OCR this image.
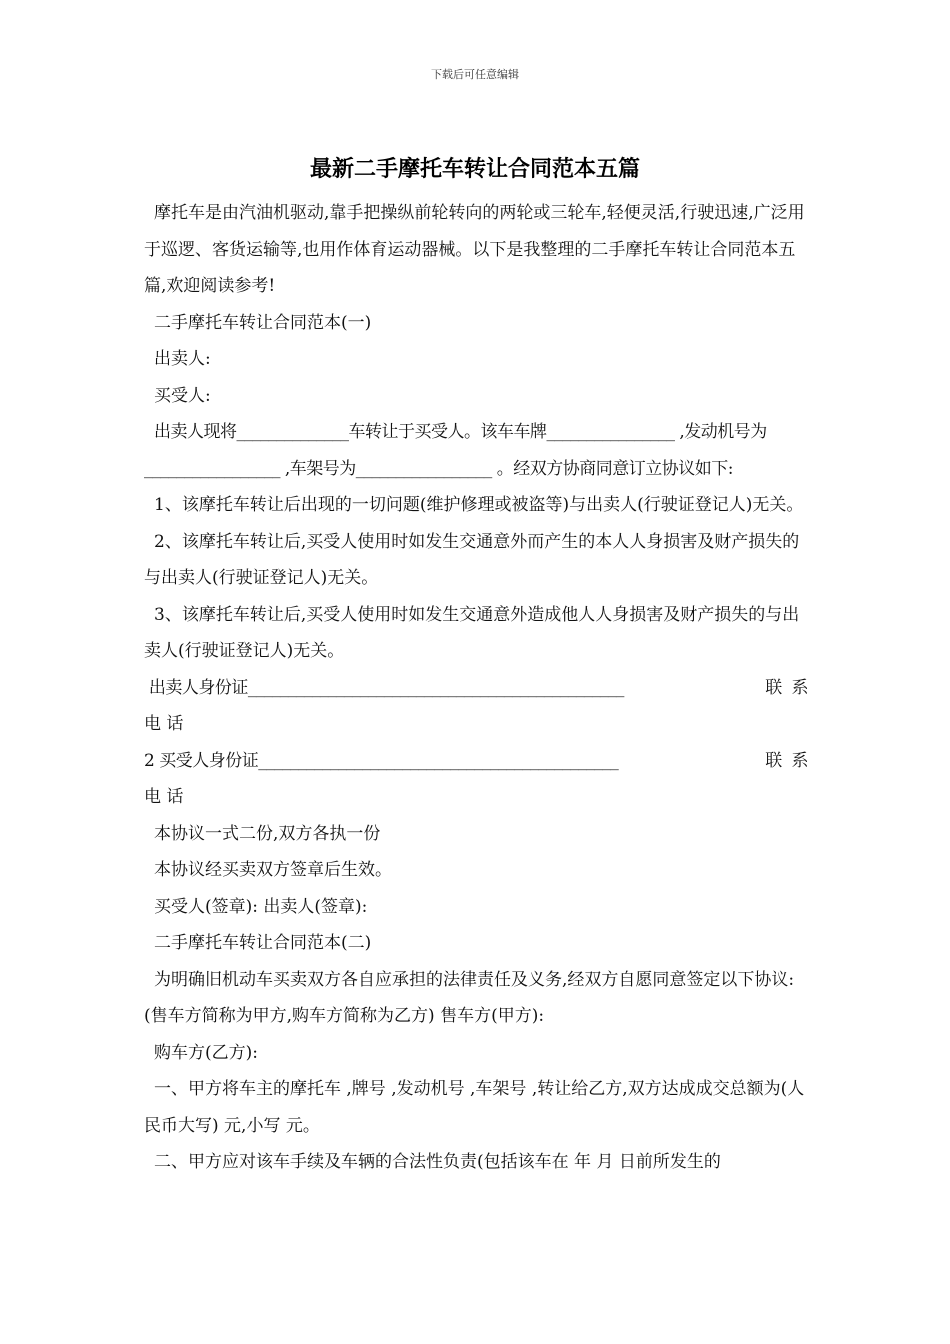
下载后可任意编辑
最新二手摩托车转让合同范本五篇

摩托车是由汽油机驱动,靠手把操纵前轮转向的两轮或三轮车,轻便灵活,行驶迅速,广泛用于巡逻、客货运输等,也用作体育运动器械。以下是我整理的二手摩托车转让合同范本五篇,欢迎阅读参考!

二手摩托车转让合同范本(一)

出卖人:

买受人:

出卖人现将______________车转让于买受人。该车车牌________________ ,发动机号为_________________ ,车架号为_________________ 。经双方协商同意订立协议如下:

1、该摩托车转让后出现的一切问题(维护修理或被盗等)与出卖人(行驶证登记人)无关。

2、该摩托车转让后,买受人使用时如发生交通意外而产生的本人人身损害及财产损失的与出卖人(行驶证登记人)无关。

3、该摩托车转让后,买受人使用时如发生交通意外造成他人人身损害及财产损失的与出卖人(行驶证登记人)无关。

出卖人身份证_______________________________________________	联  系

电 话

2 买受人身份证_____________________________________________	联  系

电 话

本协议一式二份,双方各执一份

本协议经买卖双方签章后生效。

买受人(签章): 出卖人(签章):

二手摩托车转让合同范本(二)

为明确旧机动车买卖双方各自应承担的法律责任及义务,经双方自愿同意签定以下协议:(售车方简称为甲方,购车方简称为乙方) 售车方(甲方):

购车方(乙方):

一、甲方将车主的摩托车 ,牌号 ,发动机号 ,车架号 ,转让给乙方,双方达成成交总额为(人民币大写) 元,小写 元。

二、甲方应对该车手续及车辆的合法性负责(包括该车在 年 月 日前所发生的
